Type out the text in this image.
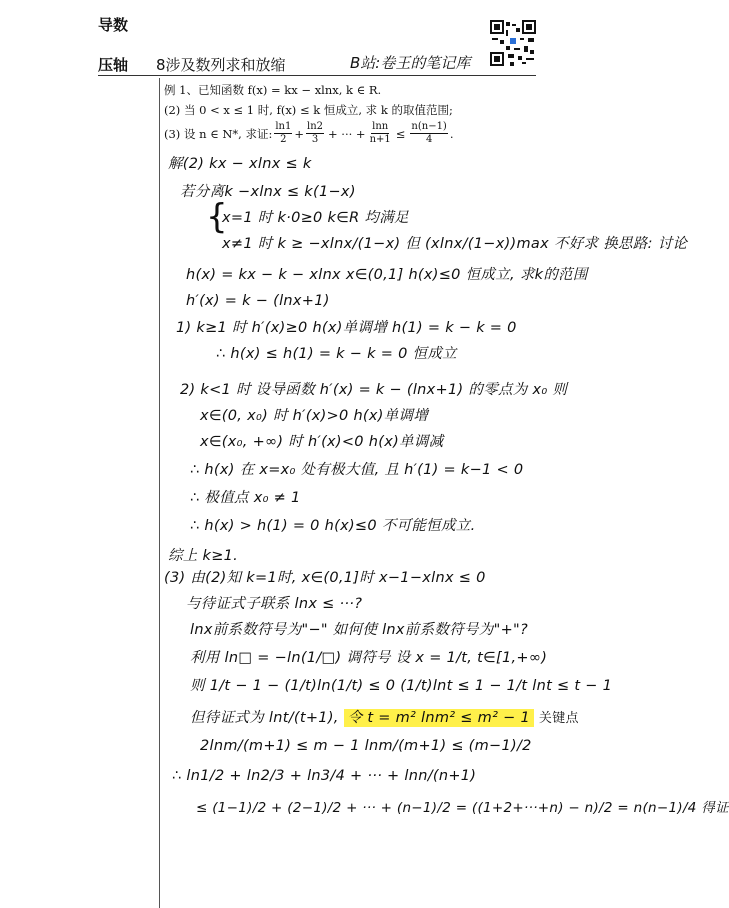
导数
压轴 8涉及数列求和放缩	B站:卷王的笔记库
例 1、已知函数 f(x) = kx − xlnx, k ∈ R.
(2) 当 0 < x ≤ 1 时, f(x) ≤ k 恒成立, 求 k 的取值范围;
(3) 设 n ∈ N*, 求证: $\frac{\ln 1}{2} + \frac{\ln 2}{3}$ + ··· + $\frac{\ln n}{n+1} \le \frac{n(n-1)}{4}$ .
解(2) kx − xlnx ≤ k
若分离k −xlnx ≤ k(1−x)
{
x=1 时 k·0≥0 k∈R 均满足
x≠1 时 k ≥ −xlnx/(1−x) 但 (xlnx/(1−x))max 不好求 换思路: 讨论
h(x) = kx − k − xlnx x∈(0,1] h(x)≤0 恒成立, 求k的范围
h′(x) = k − (lnx+1)
1) k≥1 时 h′(x)≥0 h(x)单调增 h(1) = k − k = 0
∴ h(x) ≤ h(1) = k − k = 0 恒成立
2) k<1 时 设导函数 h′(x) = k − (lnx+1) 的零点为 x₀ 则
x∈(0, x₀) 时 h′(x)>0 h(x)单调增
x∈(x₀, +∞) 时 h′(x)<0 h(x)单调减
∴ h(x) 在 x=x₀ 处有极大值, 且 h′(1) = k−1 < 0
∴ 极值点 x₀ ≠ 1
∴ h(x) > h(1) = 0 h(x)≤0 不可能恒成立.
综上 k≥1.
(3) 由(2)知 k=1时, x∈(0,1]时 x−1−xlnx ≤ 0
与待证式子联系 lnx ≤ ···?
lnx前系数符号为"−" 如何使 lnx前系数符号为"+"?
利用 ln□ = −ln(1/□) 调符号 设 x = 1/t, t∈[1,+∞)
则 1/t − 1 − (1/t)ln(1/t) ≤ 0 (1/t)lnt ≤ 1 − 1/t lnt ≤ t − 1
但待证式为 lnt/(t+1), 令 t = m² lnm² ≤ m² − 1 关键点
2lnm/(m+1) ≤ m − 1 lnm/(m+1) ≤ (m−1)/2
∴ ln1/2 + ln2/3 + ln3/4 + ··· + lnn/(n+1)
≤ (1−1)/2 + (2−1)/2 + ··· + (n−1)/2 = ((1+2+···+n) − n)/2 = n(n−1)/4 得证
